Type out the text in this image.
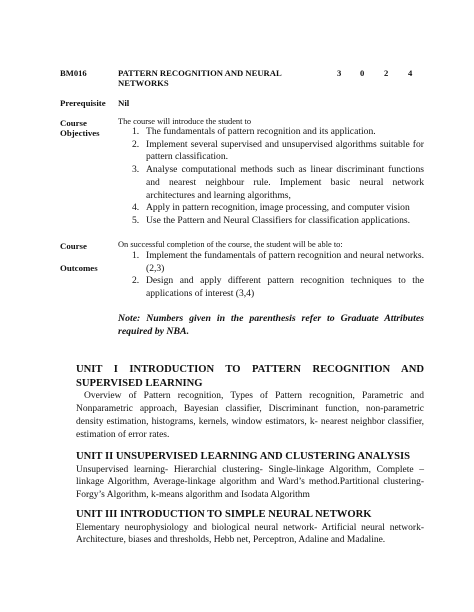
BM016	PATTERN RECOGNITION AND NEURAL NETWORKS
3 0 2 4
Prerequisite Nil
Course
Objectives
The course will introduce the student to
1. The fundamentals of pattern recognition and its application.
2. Implement several supervised and unsupervised algorithms suitable for pattern classification.
3. Analyse computational methods such as linear discriminant functions and nearest neighbour rule. Implement basic neural network architectures and learning algorithms,
4. Apply in pattern recognition, image processing, and computer vision
5. Use the Pattern and Neural Classifiers for classification applications.
Course
Outcomes
On successful completion of the course, the student will be able to:
1. Implement the fundamentals of pattern recognition and neural networks. (2,3)
2. Design and apply different pattern recognition techniques to the applications of interest (3,4)
Note: Numbers given in the parenthesis refer to Graduate Attributes required by NBA.
UNIT I INTRODUCTION TO PATTERN RECOGNITION AND SUPERVISED LEARNING
Overview of Pattern recognition, Types of Pattern recognition, Parametric and Nonparametric approach, Bayesian classifier, Discriminant function, non-parametric density estimation, histograms, kernels, window estimators, k- nearest neighbor classifier, estimation of error rates.
UNIT II UNSUPERVISED LEARNING AND CLUSTERING ANALYSIS
Unsupervised learning- Hierarchial clustering- Single-linkage Algorithm, Complete – linkage Algorithm, Average-linkage algorithm and Ward’s method.Partitional clustering-Forgy’s Algorithm, k-means algorithm and Isodata Algorithm
UNIT III INTRODUCTION TO SIMPLE NEURAL NETWORK
Elementary neurophysiology and biological neural network- Artificial neural network-Architecture, biases and thresholds, Hebb net, Perceptron, Adaline and Madaline.
